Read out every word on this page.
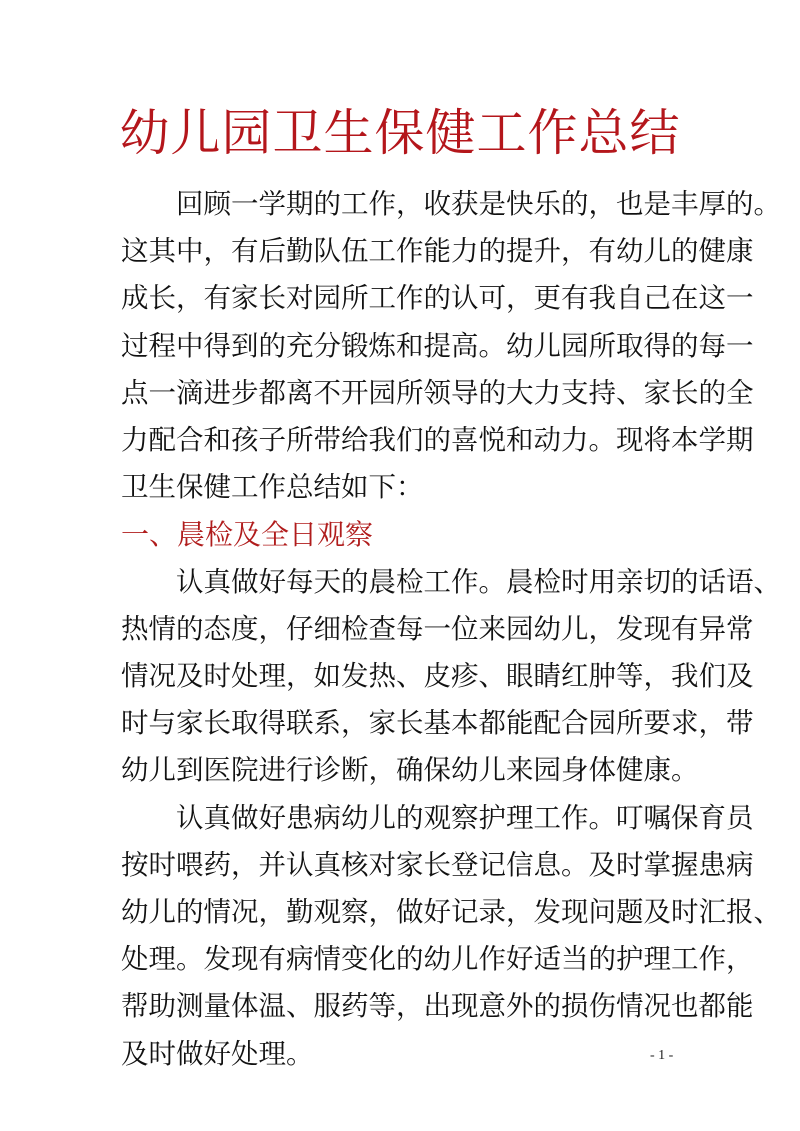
幼儿园卫生保健工作总结

回顾一学期的工作，收获是快乐的，也是丰厚的。
这其中，有后勤队伍工作能力的提升，有幼儿的健康
成长，有家长对园所工作的认可，更有我自己在这一
过程中得到的充分锻炼和提高。幼儿园所取得的每一
点一滴进步都离不开园所领导的大力支持、家长的全
力配合和孩子所带给我们的喜悦和动力。现将本学期
卫生保健工作总结如下：

一、晨检及全日观察

认真做好每天的晨检工作。晨检时用亲切的话语、
热情的态度，仔细检查每一位来园幼儿，发现有异常
情况及时处理，如发热、皮疹、眼睛红肿等，我们及
时与家长取得联系，家长基本都能配合园所要求，带
幼儿到医院进行诊断，确保幼儿来园身体健康。

认真做好患病幼儿的观察护理工作。叮嘱保育员
按时喂药，并认真核对家长登记信息。及时掌握患病
幼儿的情况，勤观察，做好记录，发现问题及时汇报、
处理。发现有病情变化的幼儿作好适当的护理工作，
帮助测量体温、服药等，出现意外的损伤情况也都能
及时做好处理。	- 1 -
